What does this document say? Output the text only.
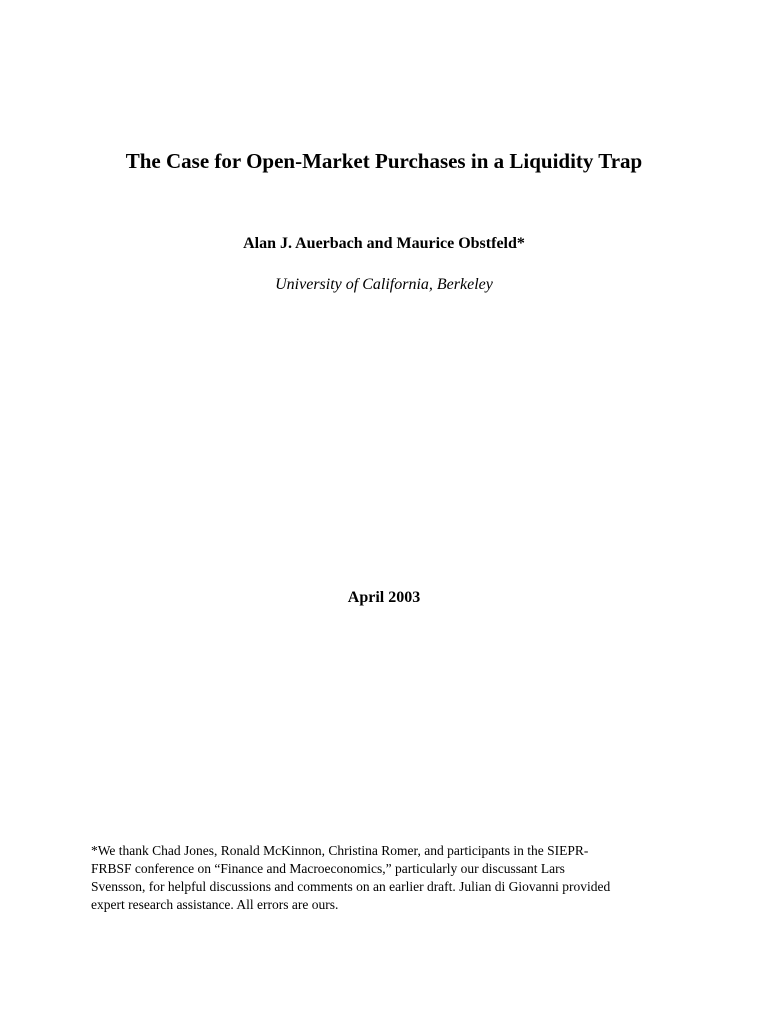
The Case for Open-Market Purchases in a Liquidity Trap
Alan J. Auerbach and Maurice Obstfeld*
University of California, Berkeley
April 2003
*We thank Chad Jones, Ronald McKinnon, Christina Romer, and participants in the SIEPR-
FRBSF conference on “Finance and Macroeconomics,” particularly our discussant Lars
Svensson, for helpful discussions and comments on an earlier draft. Julian di Giovanni provided
expert research assistance. All errors are ours.
